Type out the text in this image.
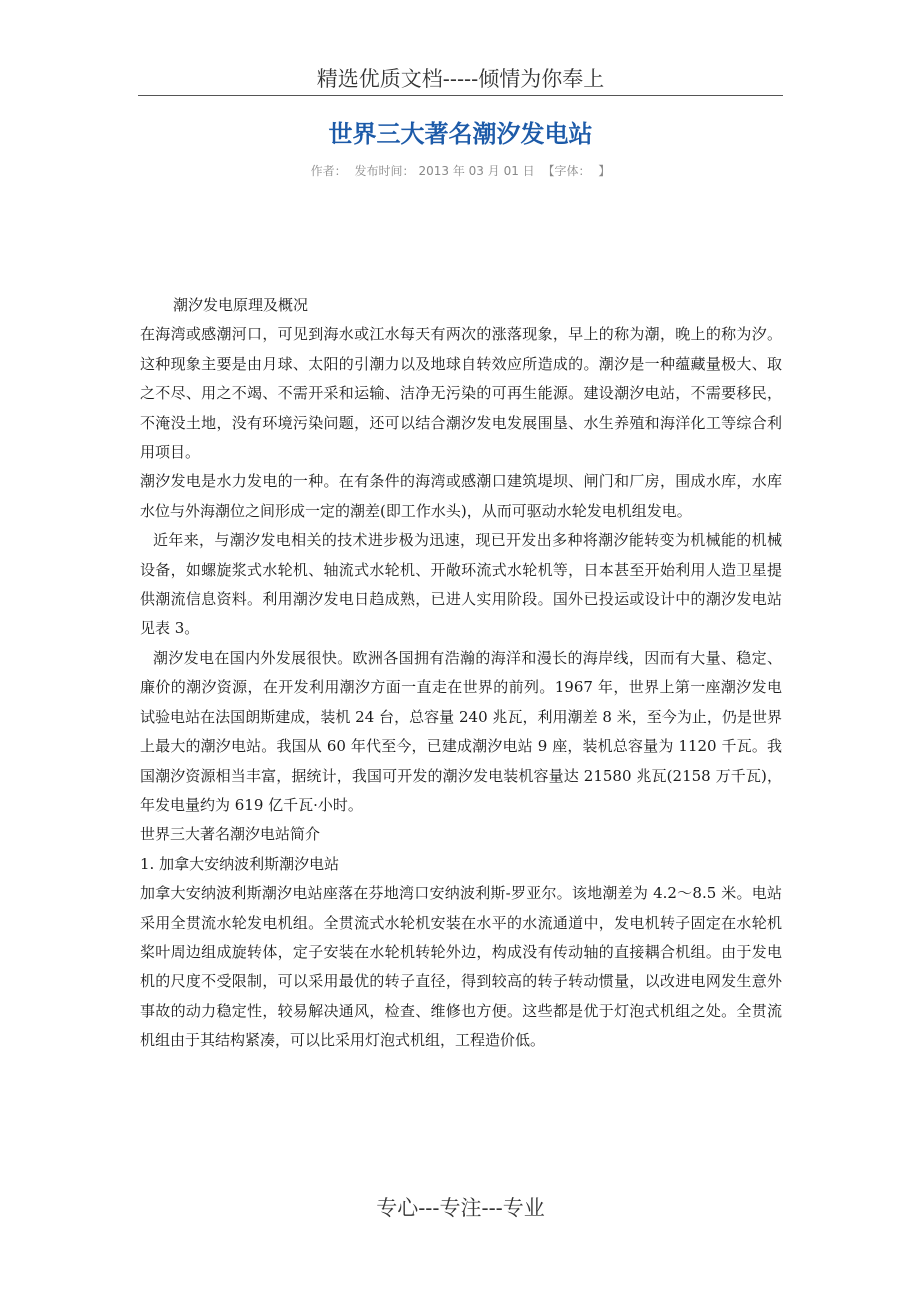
精选优质文档-----倾情为你奉上
世界三大著名潮汐发电站
作者： 发布时间： 2013 年 03 月 01 日 【字体： 】

潮汐发电原理及概况

在海湾或感潮河口，可见到海水或江水每天有两次的涨落现象，早上的称为潮，晚上的称为汐。这种现象主要是由月球、太阳的引潮力以及地球自转效应所造成的。潮汐是一种蕴藏量极大、取之不尽、用之不竭、不需开采和运输、洁净无污染的可再生能源。建设潮汐电站，不需要移民，不淹没土地，没有环境污染问题，还可以结合潮汐发电发展围垦、水生养殖和海洋化工等综合利用项目。

潮汐发电是水力发电的一种。在有条件的海湾或感潮口建筑堤坝、闸门和厂房，围成水库，水库水位与外海潮位之间形成一定的潮差(即工作水头)，从而可驱动水轮发电机组发电。

近年来，与潮汐发电相关的技术进步极为迅速，现已开发出多种将潮汐能转变为机械能的机械设备，如螺旋浆式水轮机、轴流式水轮机、开敞环流式水轮机等，日本甚至开始利用人造卫星提供潮流信息资料。利用潮汐发电日趋成熟，已进人实用阶段。国外已投运或设计中的潮汐发电站见表 3。

潮汐发电在国内外发展很快。欧洲各国拥有浩瀚的海洋和漫长的海岸线，因而有大量、稳定、廉价的潮汐资源，在开发利用潮汐方面一直走在世界的前列。1967 年，世界上第一座潮汐发电试验电站在法国朗斯建成，装机 24 台，总容量 240 兆瓦，利用潮差 8 米，至今为止，仍是世界上最大的潮汐电站。我国从 60 年代至今，已建成潮汐电站 9 座，装机总容量为 1120 千瓦。我国潮汐资源相当丰富，据统计，我国可开发的潮汐发电装机容量达 21580 兆瓦(2158 万千瓦)，年发电量约为 619 亿千瓦·小时。

世界三大著名潮汐电站简介

1. 加拿大安纳波利斯潮汐电站

加拿大安纳波利斯潮汐电站座落在芬地湾口安纳波利斯-罗亚尔。该地潮差为 4.2～8.5 米。电站采用全贯流水轮发电机组。全贯流式水轮机安装在水平的水流通道中，发电机转子固定在水轮机桨叶周边组成旋转体，定子安装在水轮机转轮外边，构成没有传动轴的直接耦合机组。由于发电机的尺度不受限制，可以采用最优的转子直径，得到较高的转子转动惯量，以改进电网发生意外事故的动力稳定性，较易解决通风，检查、维修也方便。这些都是优于灯泡式机组之处。全贯流机组由于其结构紧凑，可以比采用灯泡式机组，工程造价低。

专心---专注---专业
